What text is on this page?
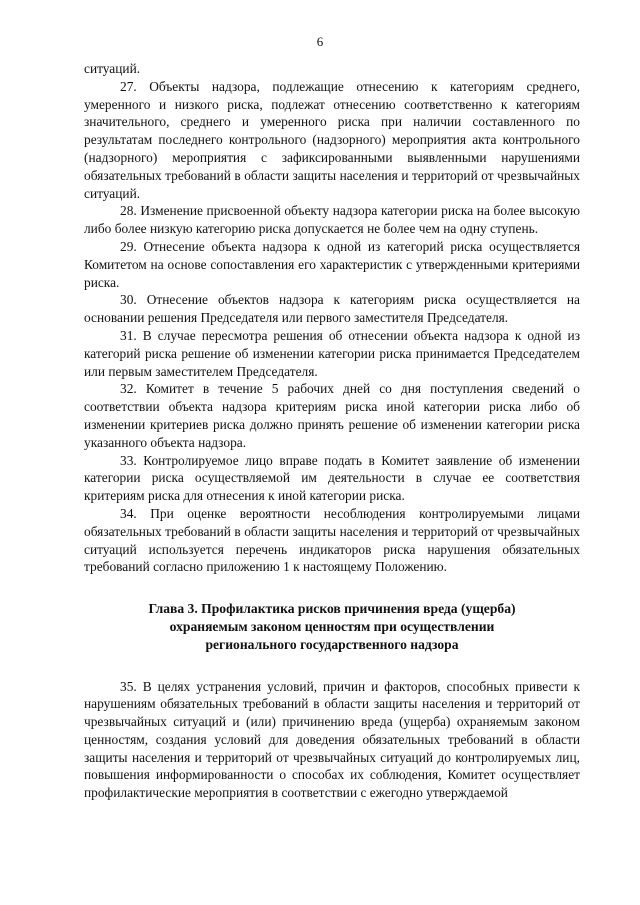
6

ситуаций.

27. Объекты надзора, подлежащие отнесению к категориям среднего, умеренного и низкого риска, подлежат отнесению соответственно к категориям значительного, среднего и умеренного риска при наличии составленного по результатам последнего контрольного (надзорного) мероприятия акта контрольного (надзорного) мероприятия с зафиксированными выявленными нарушениями обязательных требований в области защиты населения и территорий от чрезвычайных ситуаций.

28. Изменение присвоенной объекту надзора категории риска на более высокую либо более низкую категорию риска допускается не более чем на одну ступень.

29. Отнесение объекта надзора к одной из категорий риска осуществляется Комитетом на основе сопоставления его характеристик с утвержденными критериями риска.

30. Отнесение объектов надзора к категориям риска осуществляется на основании решения Председателя или первого заместителя Председателя.

31. В случае пересмотра решения об отнесении объекта надзора к одной из категорий риска решение об изменении категории риска принимается Председателем или первым заместителем Председателя.

32. Комитет в течение 5 рабочих дней со дня поступления сведений о соответствии объекта надзора критериям риска иной категории риска либо об изменении критериев риска должно принять решение об изменении категории риска указанного объекта надзора.

33. Контролируемое лицо вправе подать в Комитет заявление об изменении категории риска осуществляемой им деятельности в случае ее соответствия критериям риска для отнесения к иной категории риска.

34. При оценке вероятности несоблюдения контролируемыми лицами обязательных требований в области защиты населения и территорий от чрезвычайных ситуаций используется перечень индикаторов риска нарушения обязательных требований согласно приложению 1 к настоящему Положению.

Глава 3. Профилактика рисков причинения вреда (ущерба)
охраняемым законом ценностям при осуществлении
регионального государственного надзора

35. В целях устранения условий, причин и факторов, способных привести к нарушениям обязательных требований в области защиты населения и территорий от чрезвычайных ситуаций и (или) причинению вреда (ущерба) охраняемым законом ценностям, создания условий для доведения обязательных требований в области защиты населения и территорий от чрезвычайных ситуаций до контролируемых лиц, повышения информированности о способах их соблюдения, Комитет осуществляет профилактические мероприятия в соответствии с ежегодно утверждаемой
